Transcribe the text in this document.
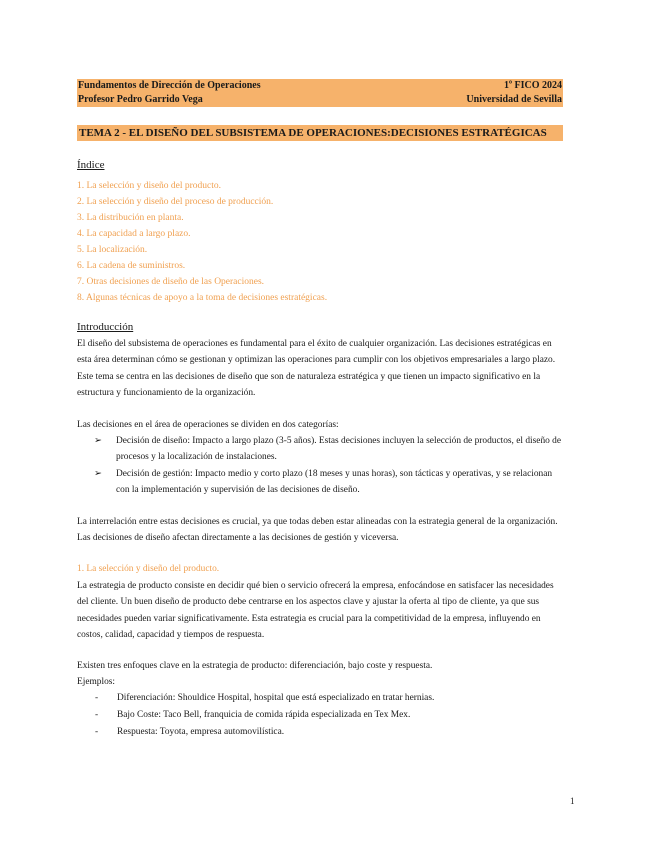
Fundamentos de Dirección de Operaciones	1$^o$ FICO 2024
Profesor Pedro Garrido Vega	Universidad de Sevilla
TEMA 2 - EL DISEÑO DEL SUBSISTEMA DE OPERACIONES:DECISIONES ESTRATÉGICAS
Índice
1. La selección y diseño del producto.
2. La selección y diseño del proceso de producción.
3. La distribución en planta.
4. La capacidad a largo plazo.
5. La localización.
6. La cadena de suministros.
7. Otras decisiones de diseño de las Operaciones.
8. Algunas técnicas de apoyo a la toma de decisiones estratégicas.
Introducción

El diseño del subsistema de operaciones es fundamental para el éxito de cualquier organización. Las decisiones estratégicas en esta área determinan cómo se gestionan y optimizan las operaciones para cumplir con los objetivos empresariales a largo plazo. Este tema se centra en las decisiones de diseño que son de naturaleza estratégica y que tienen un impacto significativo en la estructura y funcionamiento de la organización.

Las decisiones en el área de operaciones se dividen en dos categorías:

➢ Decisión de diseño: Impacto a largo plazo (3-5 años). Estas decisiones incluyen la selección de productos, el diseño de procesos y la localización de instalaciones.
➢ Decisión de gestión: Impacto medio y corto plazo (18 meses y unas horas), son tácticas y operativas, y se relacionan con la implementación y supervisión de las decisiones de diseño.

La interrelación entre estas decisiones es crucial, ya que todas deben estar alineadas con la estrategia general de la organización. Las decisiones de diseño afectan directamente a las decisiones de gestión y viceversa.

1. La selección y diseño del producto.

La estrategia de producto consiste en decidir qué bien o servicio ofrecerá la empresa, enfocándose en satisfacer las necesidades del cliente. Un buen diseño de producto debe centrarse en los aspectos clave y ajustar la oferta al tipo de cliente, ya que sus necesidades pueden variar significativamente. Esta estrategia es crucial para la competitividad de la empresa, influyendo en costos, calidad, capacidad y tiempos de respuesta.

Existen tres enfoques clave en la estrategia de producto: diferenciación, bajo coste y respuesta.

Ejemplos:

- Diferenciación: Shouldice Hospital, hospital que está especializado en tratar hernias.
- Bajo Coste: Taco Bell, franquicia de comida rápida especializada en Tex Mex.
- Respuesta: Toyota, empresa automovilística.
1
